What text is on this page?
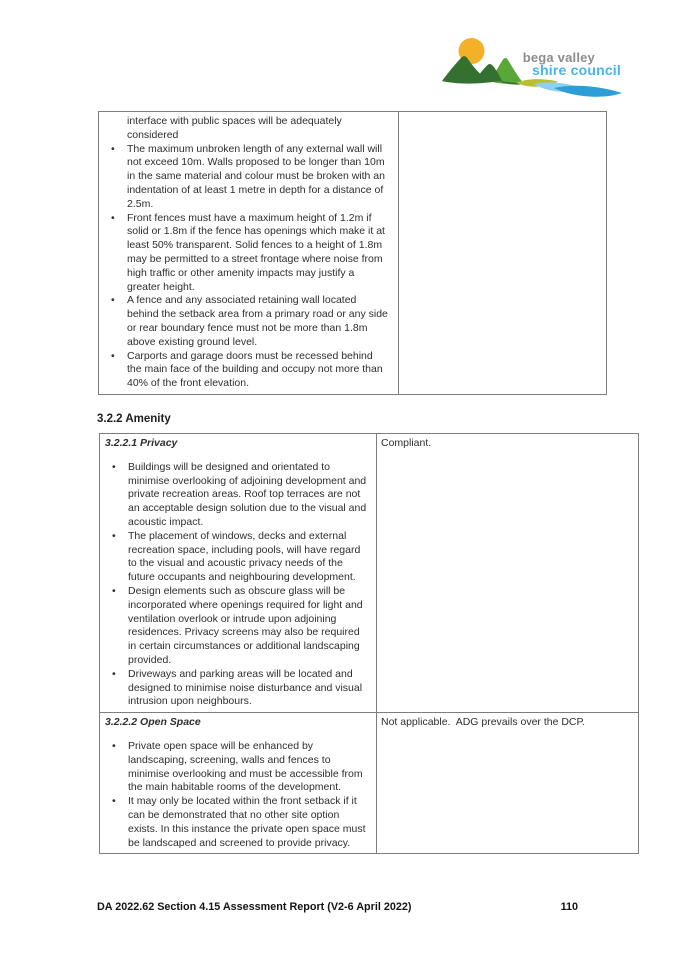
bega valley
shire council
interface with public spaces will be adequately considered
• The maximum unbroken length of any external wall will not exceed 10m. Walls proposed to be longer than 10m in the same material and colour must be broken with an indentation of at least 1 metre in depth for a distance of 2.5m.
• Front fences must have a maximum height of 1.2m if solid or 1.8m if the fence has openings which make it at least 50% transparent. Solid fences to a height of 1.8m may be permitted to a street frontage where noise from high traffic or other amenity impacts may justify a greater height.
• A fence and any associated retaining wall located behind the setback area from a primary road or any side or rear boundary fence must not be more than 1.8m above existing ground level.
• Carports and garage doors must be recessed behind the main face of the building and occupy not more than 40% of the front elevation.

3.2.2 Amenity
3.2.2.1 Privacy
• Buildings will be designed and orientated to minimise overlooking of adjoining development and private recreation areas. Roof top terraces are not an acceptable design solution due to the visual and acoustic impact.
• The placement of windows, decks and external recreation space, including pools, will have regard to the visual and acoustic privacy needs of the future occupants and neighbouring development.
• Design elements such as obscure glass will be incorporated where openings required for light and ventilation overlook or intrude upon adjoining residences. Privacy screens may also be required in certain circumstances or additional landscaping provided.
• Driveways and parking areas will be located and designed to minimise noise disturbance and visual intrusion upon neighbours.
	Compliant.

3.2.2.2 Open Space
• Private open space will be enhanced by landscaping, screening, walls and fences to minimise overlooking and must be accessible from the main habitable rooms of the development.
• It may only be located within the front setback if it can be demonstrated that no other site option exists. In this instance the private open space must be landscaped and screened to provide privacy.
	Not applicable.  ADG prevails over the DCP.
DA 2022.62 Section 4.15 Assessment Report (V2-6 April 2022)	110
